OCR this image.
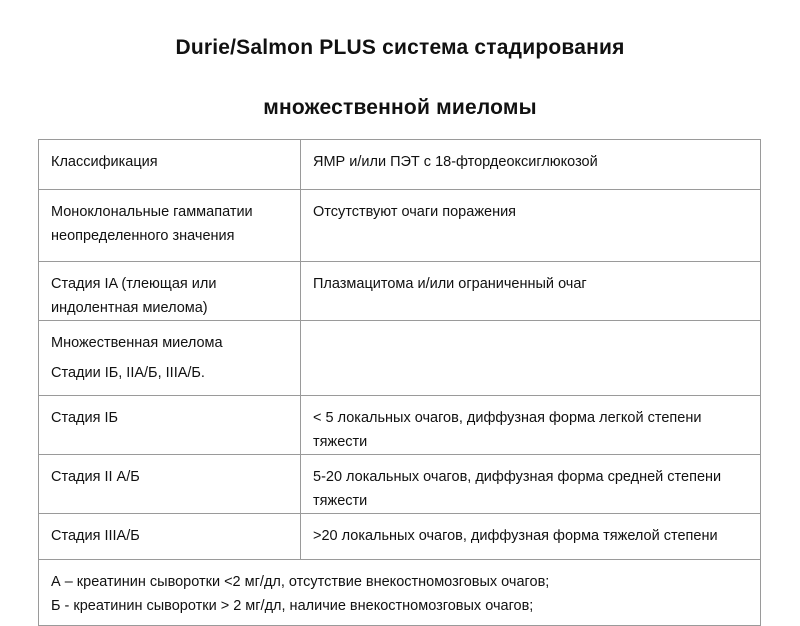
Durie/Salmon PLUS система стадирования
множественной миеломы
Классификация	ЯМР и/или ПЭТ с 18-фтордеоксиглюкозой

Моноклональные гаммапатии неопределенного значения	Отсутствуют очаги поражения

Стадия IA (тлеющая или индолентная миелома)	Плазмацитома и/или ограниченный очаг

Множественная миелома
Стадии IБ, IIA/Б, IIIA/Б.	

Стадия IБ	< 5 локальных очагов, диффузная форма легкой степени тяжести

Стадия II А/Б	5-20 локальных очагов, диффузная форма средней степени тяжести

Стадия IIIA/Б	>20 локальных очагов, диффузная форма тяжелой степени

А – креатинин сыворотки <2 мг/дл, отсутствие внекостномозговых очагов;
Б - креатинин сыворотки > 2 мг/дл, наличие внекостномозговых очагов;	
